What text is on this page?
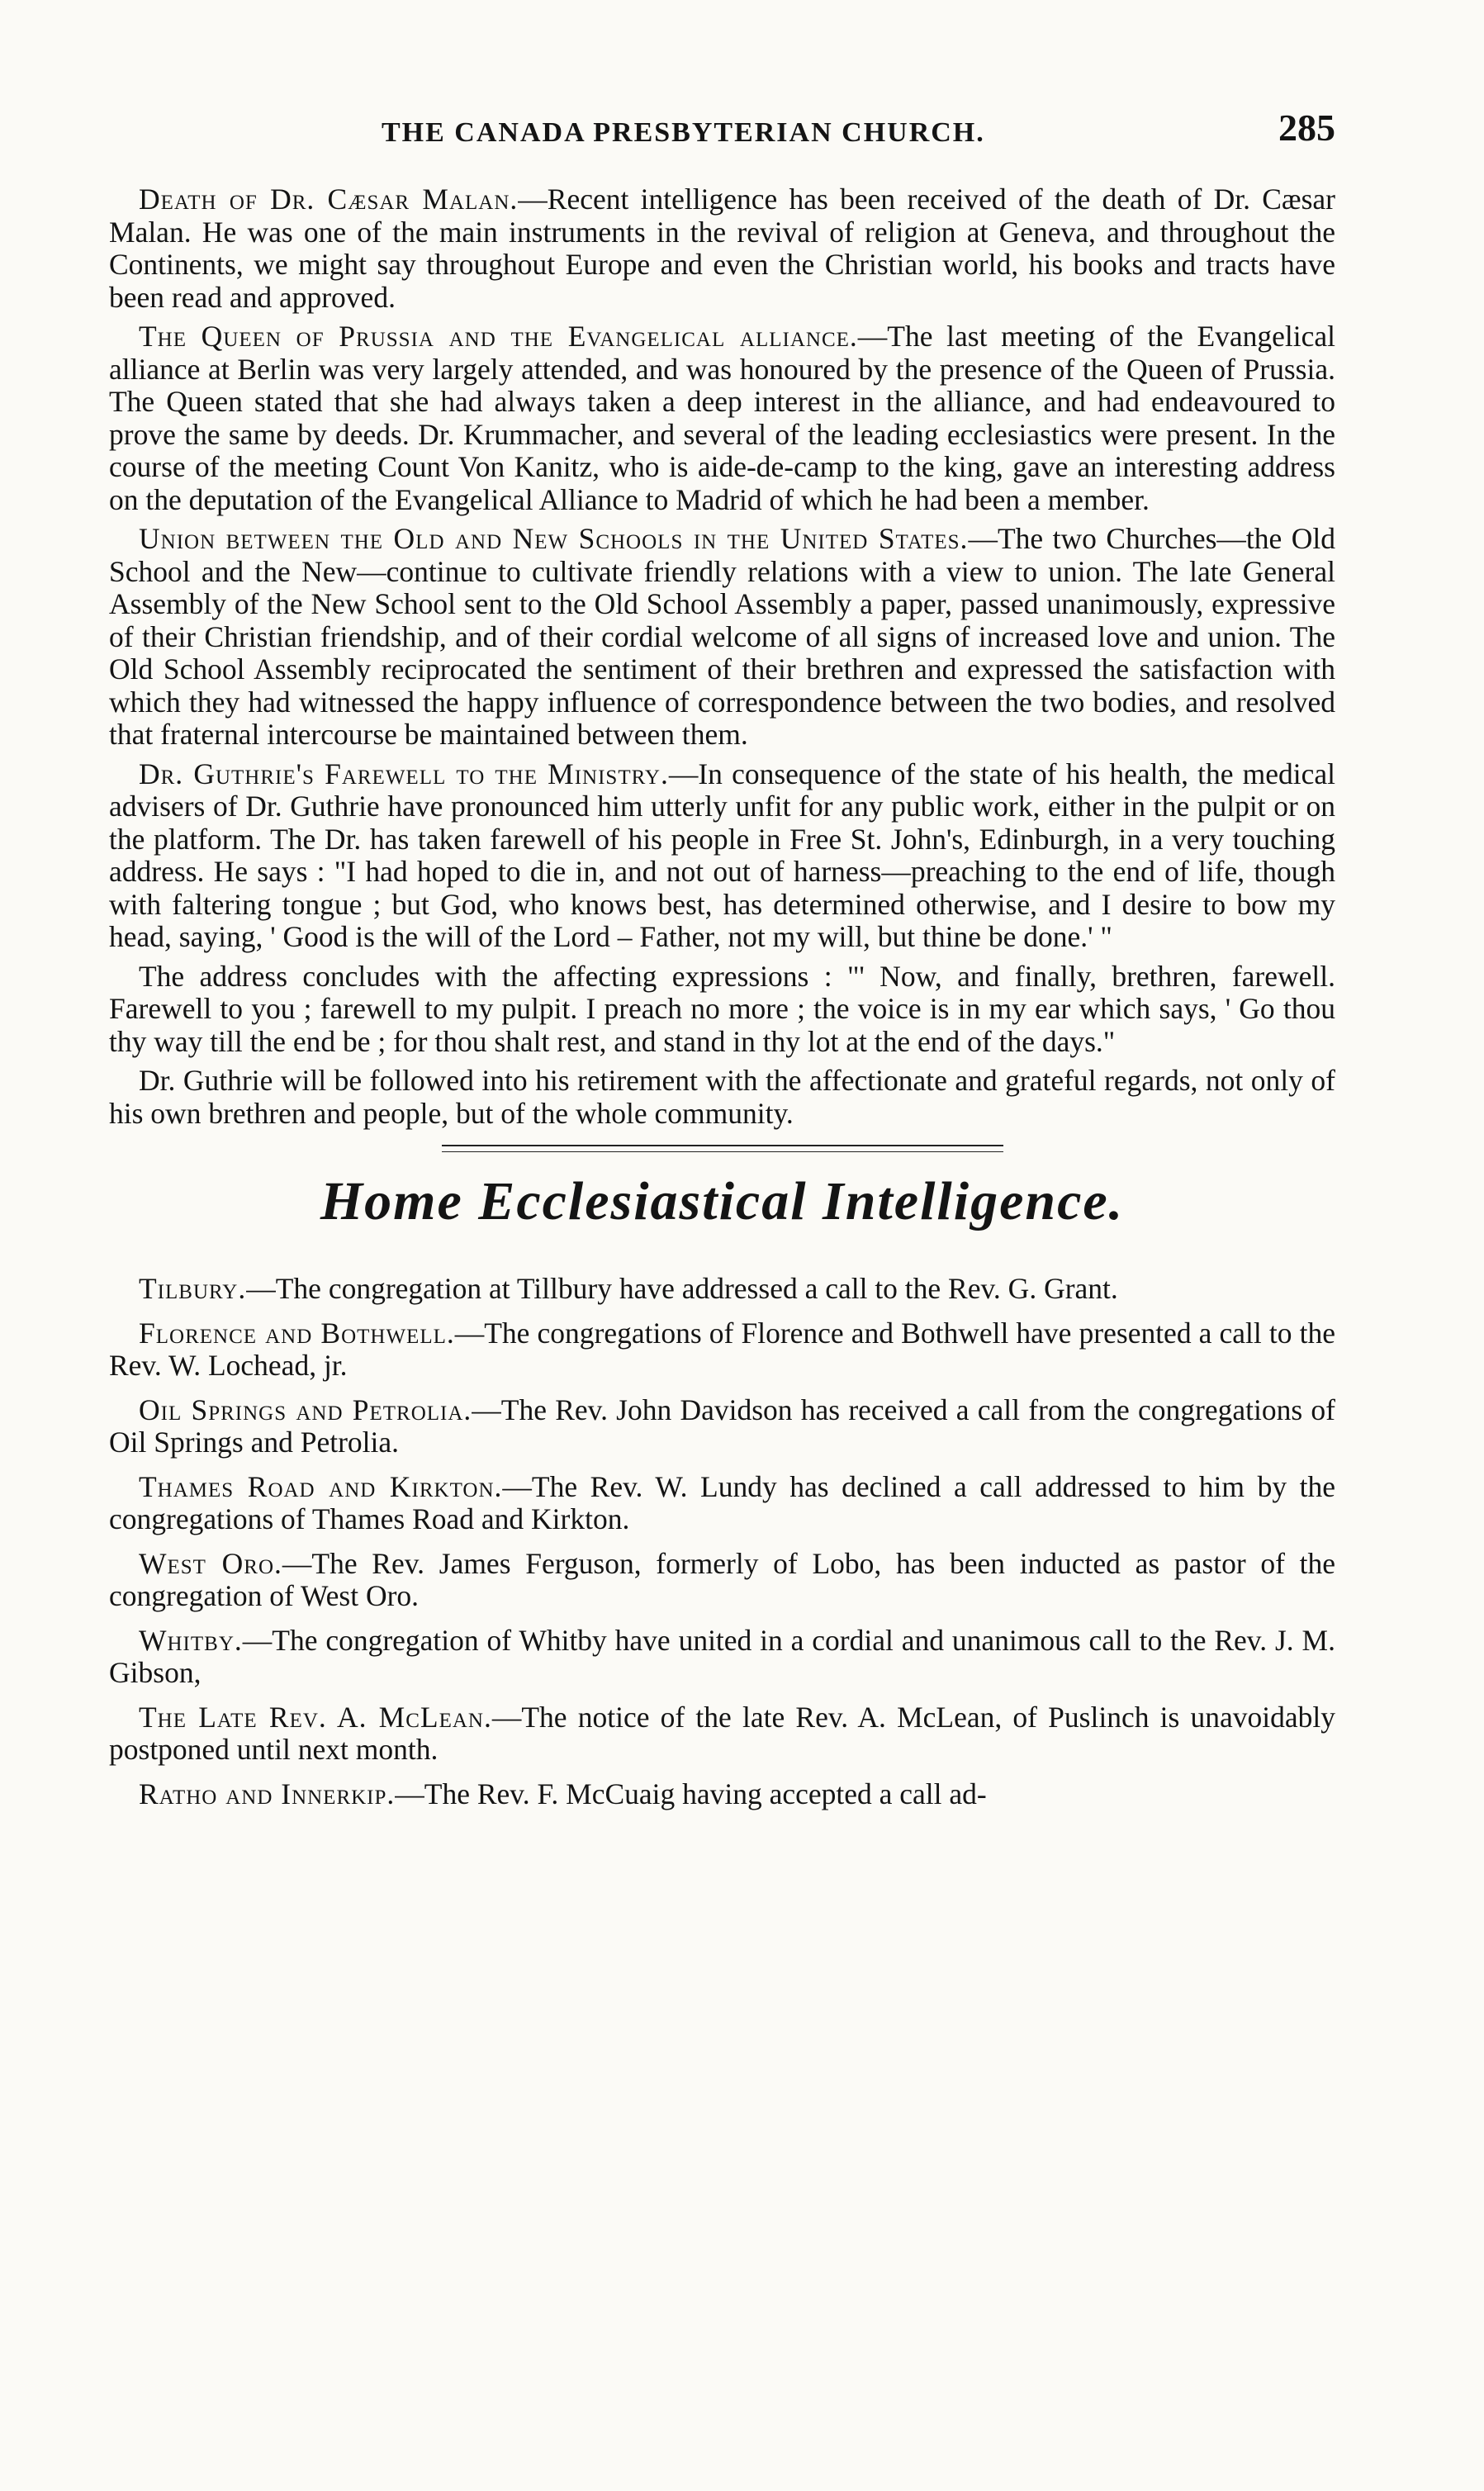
THE CANADA PRESBYTERIAN CHURCH.	285

Death of Dr. Cæsar Malan.—Recent intelligence has been received of the death of Dr. Cæsar Malan. He was one of the main instruments in the revival of religion at Geneva, and throughout the Continents, we might say throughout Europe and even the Christian world, his books and tracts have been read and approved.

The Queen of Prussia and the Evangelical alliance.—The last meeting of the Evangelical alliance at Berlin was very largely attended, and was honoured by the presence of the Queen of Prussia. The Queen stated that she had always taken a deep interest in the alliance, and had endeavoured to prove the same by deeds. Dr. Krummacher, and several of the leading ecclesiastics were present. In the course of the meeting Count Von Kanitz, who is aide-de-camp to the king, gave an interesting address on the deputation of the Evangelical Alliance to Madrid of which he had been a member.

Union between the Old and New Schools in the United States.—The two Churches—the Old School and the New—continue to cultivate friendly relations with a view to union. The late General Assembly of the New School sent to the Old School Assembly a paper, passed unanimously, expressive of their Christian friendship, and of their cordial welcome of all signs of increased love and union. The Old School Assembly reciprocated the sentiment of their brethren and expressed the satisfaction with which they had witnessed the happy influence of correspondence between the two bodies, and resolved that fraternal intercourse be maintained between them.

Dr. Guthrie's Farewell to the Ministry.—In consequence of the state of his health, the medical advisers of Dr. Guthrie have pronounced him utterly unfit for any public work, either in the pulpit or on the platform. The Dr. has taken farewell of his people in Free St. John's, Edinburgh, in a very touching address. He says : "I had hoped to die in, and not out of harness—preaching to the end of life, though with faltering tongue ; but God, who knows best, has determined otherwise, and I desire to bow my head, saying, ' Good is the will of the Lord – Father, not my will, but thine be done.' "

The address concludes with the affecting expressions : "' Now, and finally, brethren, farewell. Farewell to you ; farewell to my pulpit. I preach no more ; the voice is in my ear which says, ' Go thou thy way till the end be ; for thou shalt rest, and stand in thy lot at the end of the days."

Dr. Guthrie will be followed into his retirement with the affectionate and grateful regards, not only of his own brethren and people, but of the whole community.

Home Ecclesiastical Intelligence.

Tilbury.—The congregation at Tillbury have addressed a call to the Rev. G. Grant.

Florence and Bothwell.—The congregations of Florence and Bothwell have presented a call to the Rev. W. Lochead, jr.

Oil Springs and Petrolia.—The Rev. John Davidson has received a call from the congregations of Oil Springs and Petrolia.

Thames Road and Kirkton.—The Rev. W. Lundy has declined a call addressed to him by the congregations of Thames Road and Kirkton.

West Oro.—The Rev. James Ferguson, formerly of Lobo, has been inducted as pastor of the congregation of West Oro.

Whitby.—The congregation of Whitby have united in a cordial and unanimous call to the Rev. J. M. Gibson,

The Late Rev. A. McLean.—The notice of the late Rev. A. McLean, of Puslinch is unavoidably postponed until next month.

Ratho and Innerkip.—The Rev. F. McCuaig having accepted a call ad-
